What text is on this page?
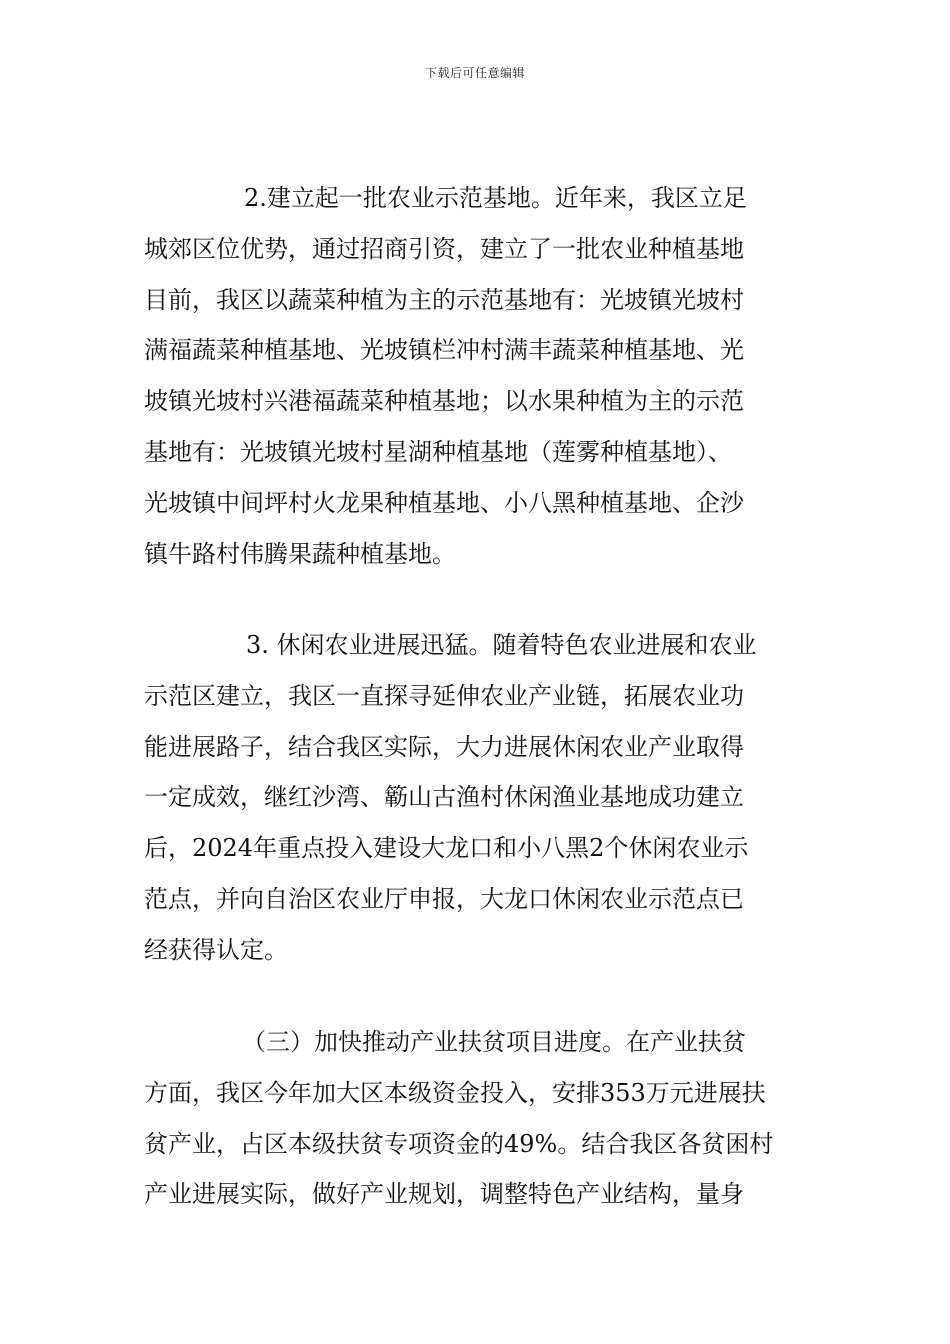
下载后可任意编辑
2.建立起一批农业示范基地。近年来，我区立足
城郊区位优势，通过招商引资，建立了一批农业种植基地
目前，我区以蔬菜种植为主的示范基地有：光坡镇光坡村
满福蔬菜种植基地、光坡镇栏冲村满丰蔬菜种植基地、光
坡镇光坡村兴港福蔬菜种植基地；以水果种植为主的示范
基地有：光坡镇光坡村星湖种植基地（莲雾种植基地）、
光坡镇中间坪村火龙果种植基地、小八黑种植基地、企沙
镇牛路村伟腾果蔬种植基地。
3. 休闲农业进展迅猛。随着特色农业进展和农业
示范区建立，我区一直探寻延伸农业产业链，拓展农业功
能进展路子，结合我区实际，大力进展休闲农业产业取得
一定成效，继红沙湾、簕山古渔村休闲渔业基地成功建立
后，2024年重点投入建设大龙口和小八黑2个休闲农业示
范点，并向自治区农业厅申报，大龙口休闲农业示范点已
经获得认定。
（三）加快推动产业扶贫项目进度。在产业扶贫
方面，我区今年加大区本级资金投入，安排353万元进展扶
贫产业，占区本级扶贫专项资金的49%。结合我区各贫困村
产业进展实际，做好产业规划，调整特色产业结构，量身
